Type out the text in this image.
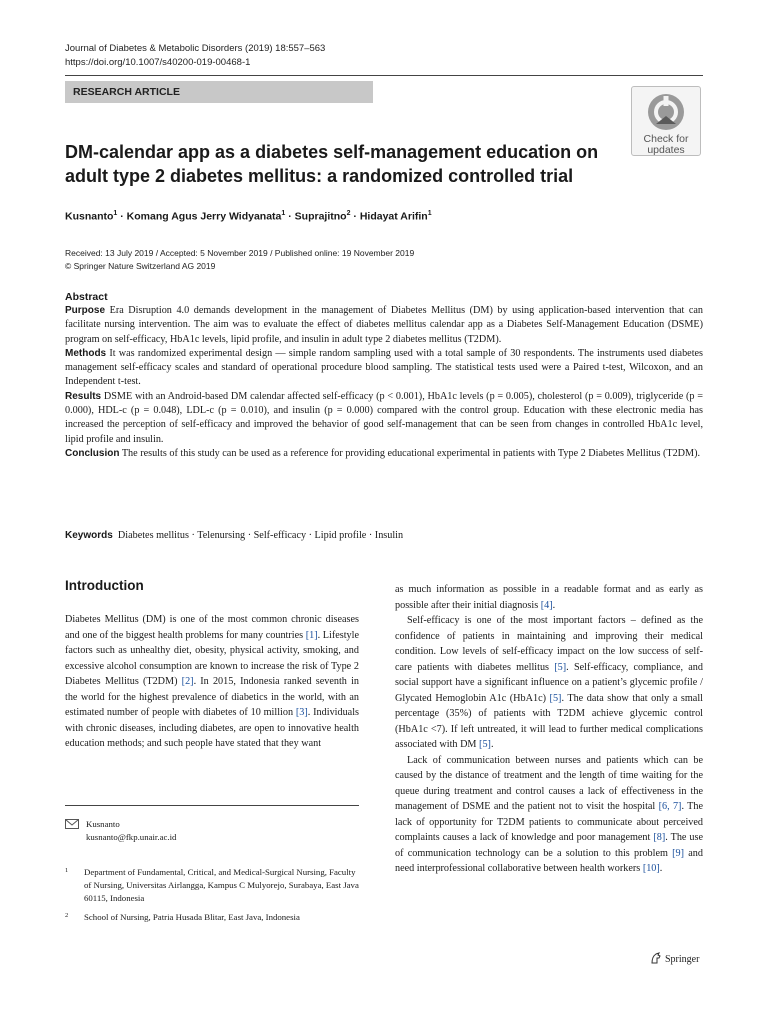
Journal of Diabetes & Metabolic Disorders (2019) 18:557–563
https://doi.org/10.1007/s40200-019-00468-1
RESEARCH ARTICLE
Check for
updates
DM-calendar app as a diabetes self-management education on adult type 2 diabetes mellitus: a randomized controlled trial
Kusnanto$^1$ · Komang Agus Jerry Widyanata$^1$ · Suprajitno$^2$ · Hidayat Arifin$^1$
Received: 13 July 2019 / Accepted: 5 November 2019 / Published online: 19 November 2019
© Springer Nature Switzerland AG 2019
Abstract

Purpose Era Disruption 4.0 demands development in the management of Diabetes Mellitus (DM) by using application-based intervention that can facilitate nursing intervention. The aim was to evaluate the effect of diabetes mellitus calendar app as a Diabetes Self-Management Education (DSME) program on self-efficacy, HbA1c levels, lipid profile, and insulin in adult type 2 diabetes mellitus (T2DM).

Methods It was randomized experimental design — simple random sampling used with a total sample of 30 respondents. The instruments used diabetes management self-efficacy scales and standard of operational procedure blood sampling. The statistical tests used were a Paired t-test, Wilcoxon, and an Independent t-test.

Results DSME with an Android-based DM calendar affected self-efficacy (p < 0.001), HbA1c levels (p = 0.005), cholesterol (p = 0.009), triglyceride (p = 0.000), HDL-c (p = 0.048), LDL-c (p = 0.010), and insulin (p = 0.000) compared with the control group. Education with these electronic media has increased the perception of self-efficacy and improved the behavior of good self-management that can be seen from changes in controlled HbA1c level, lipid profile and insulin.

Conclusion The results of this study can be used as a reference for providing educational experimental in patients with Type 2 Diabetes Mellitus (T2DM).

Keywords Diabetes mellitus · Telenursing · Self-efficacy · Lipid profile · Insulin
Introduction

Diabetes Mellitus (DM) is one of the most common chronic diseases and one of the biggest health problems for many countries [1]. Lifestyle factors such as unhealthy diet, obesity, physical activity, smoking, and excessive alcohol consumption are known to increase the risk of Type 2 Diabetes Mellitus (T2DM) [2]. In 2015, Indonesia ranked seventh in the world for the highest prevalence of diabetics in the world, with an estimated number of people with diabetes of 10 million [3]. Individuals with chronic diseases, including diabetes, are open to innovative health education methods; and such people have stated that they want

as much information as possible in a readable format and as early as possible after their initial diagnosis [4].

Self-efficacy is one of the most important factors – defined as the confidence of patients in maintaining and improving their medical condition. Low levels of self-efficacy impact on the low success of self-care patients with diabetes mellitus [5]. Self-efficacy, compliance, and social support have a significant influence on a patient’s glycemic profile / Glycated Hemoglobin A1c (HbA1c) [5]. The data show that only a small percentage (35%) of patients with T2DM achieve glycemic control (HbA1c <7). If left untreated, it will lead to further medical complications associated with DM [5].

Lack of communication between nurses and patients which can be caused by the distance of treatment and the length of time waiting for the queue during treatment and control causes a lack of effectiveness in the management of DSME and the patient not to visit the hospital [6, 7]. The lack of opportunity for T2DM patients to communicate about perceived complaints causes a lack of knowledge and poor management [8]. The use of communication technology can be a solution to this problem [9] and need interprofessional collaborative between health workers [10].

Kusnanto
kusnanto@fkp.unair.ac.id
1 Department of Fundamental, Critical, and Medical-Surgical Nursing, Faculty of Nursing, Universitas Airlangga, Kampus C Mulyorejo, Surabaya, East Java 60115, Indonesia
2 School of Nursing, Patria Husada Blitar, East Java, Indonesia
Springer
